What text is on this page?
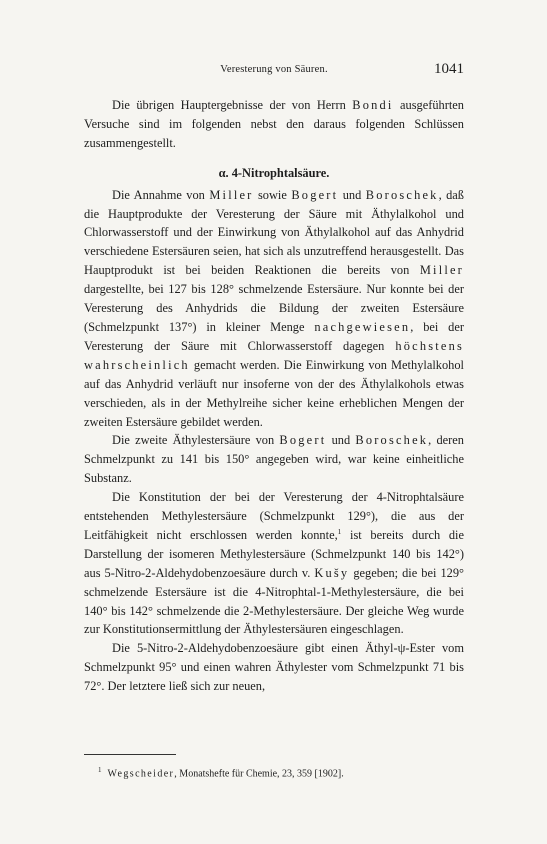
Veresterung von Säuren.	1041

Die übrigen Hauptergebnisse der von Herrn Bondi ausgeführten Versuche sind im folgenden nebst den daraus folgenden Schlüssen zusammengestellt.

α. 4-Nitrophtalsäure.

Die Annahme von Miller sowie Bogert und Boroschek, daß die Hauptprodukte der Veresterung der Säure mit Äthylalkohol und Chlorwasserstoff und der Einwirkung von Äthylalkohol auf das Anhydrid verschiedene Estersäuren seien, hat sich als unzutreffend herausgestellt. Das Hauptprodukt ist bei beiden Reaktionen die bereits von Miller dargestellte, bei 127 bis 128° schmelzende Estersäure. Nur konnte bei der Veresterung des Anhydrids die Bildung der zweiten Estersäure (Schmelzpunkt 137°) in kleiner Menge nachgewiesen, bei der Veresterung der Säure mit Chlorwasserstoff dagegen höchstens wahrscheinlich gemacht werden. Die Einwirkung von Methylalkohol auf das Anhydrid verläuft nur insoferne von der des Äthylalkohols etwas verschieden, als in der Methylreihe sicher keine erheblichen Mengen der zweiten Estersäure gebildet werden.

Die zweite Äthylestersäure von Bogert und Boroschek, deren Schmelzpunkt zu 141 bis 150° angegeben wird, war keine einheitliche Substanz.

Die Konstitution der bei der Veresterung der 4-Nitrophtalsäure entstehenden Methylestersäure (Schmelzpunkt 129°), die aus der Leitfähigkeit nicht erschlossen werden konnte,$^1$ ist bereits durch die Darstellung der isomeren Methylestersäure (Schmelzpunkt 140 bis 142°) aus 5-Nitro-2-Aldehydobenzoesäure durch v. Kušy gegeben; die bei 129° schmelzende Estersäure ist die 4-Nitrophtal-1-Methylestersäure, die bei 140° bis 142° schmelzende die 2-Methylestersäure. Der gleiche Weg wurde zur Konstitutionsermittlung der Äthylestersäuren eingeschlagen.

Die 5-Nitro-2-Aldehydobenzoesäure gibt einen Äthyl-ψ-Ester vom Schmelzpunkt 95° und einen wahren Äthylester vom Schmelzpunkt 71 bis 72°. Der letztere ließ sich zur neuen,

$^1$ Wegscheider, Monatshefte für Chemie, 23, 359 [1902].
